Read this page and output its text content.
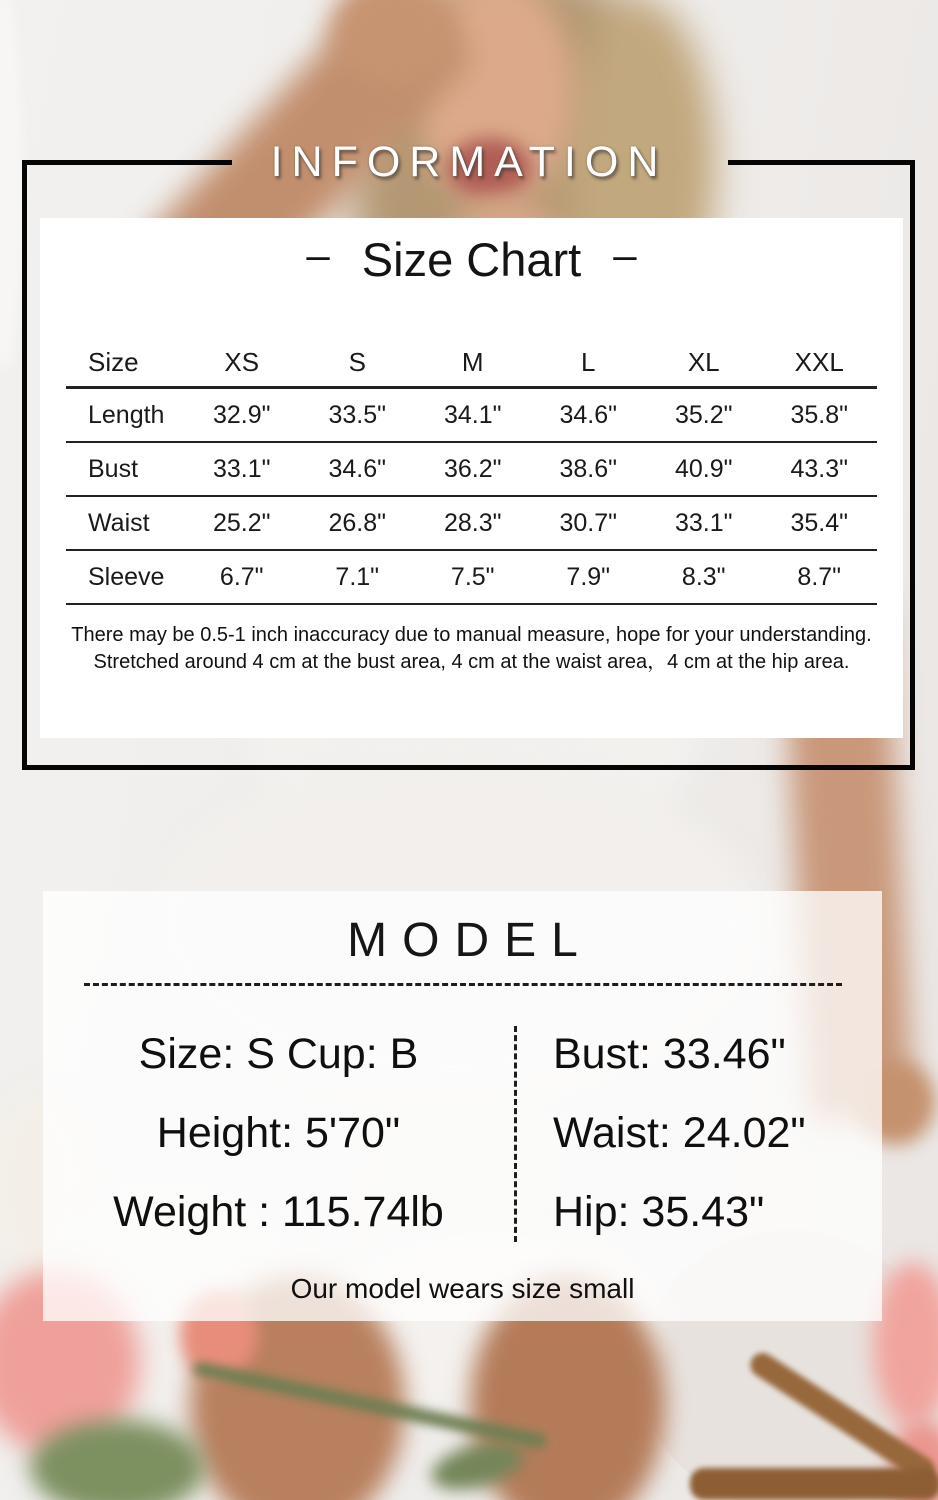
INFORMATION
– Size Chart –
Size	XS	S	M	L	XL	XXL
Length	32.9"	33.5"	34.1"	34.6"	35.2"	35.8"
Bust	33.1"	34.6"	36.2"	38.6"	40.9"	43.3"
Waist	25.2"	26.8"	28.3"	30.7"	33.1"	35.4"
Sleeve	6.7"	7.1"	7.5"	7.9"	8.3"	8.7"
There may be 0.5-1 inch inaccuracy due to manual measure, hope for your understanding.
Stretched around 4 cm at the bust area, 4 cm at the waist area，4 cm at the hip area.
MODEL
Size: S Cup: B
Height: 5'70"
Weight : 115.74lb
Bust: 33.46"
Waist: 24.02"
Hip: 35.43"
Our model wears size small
